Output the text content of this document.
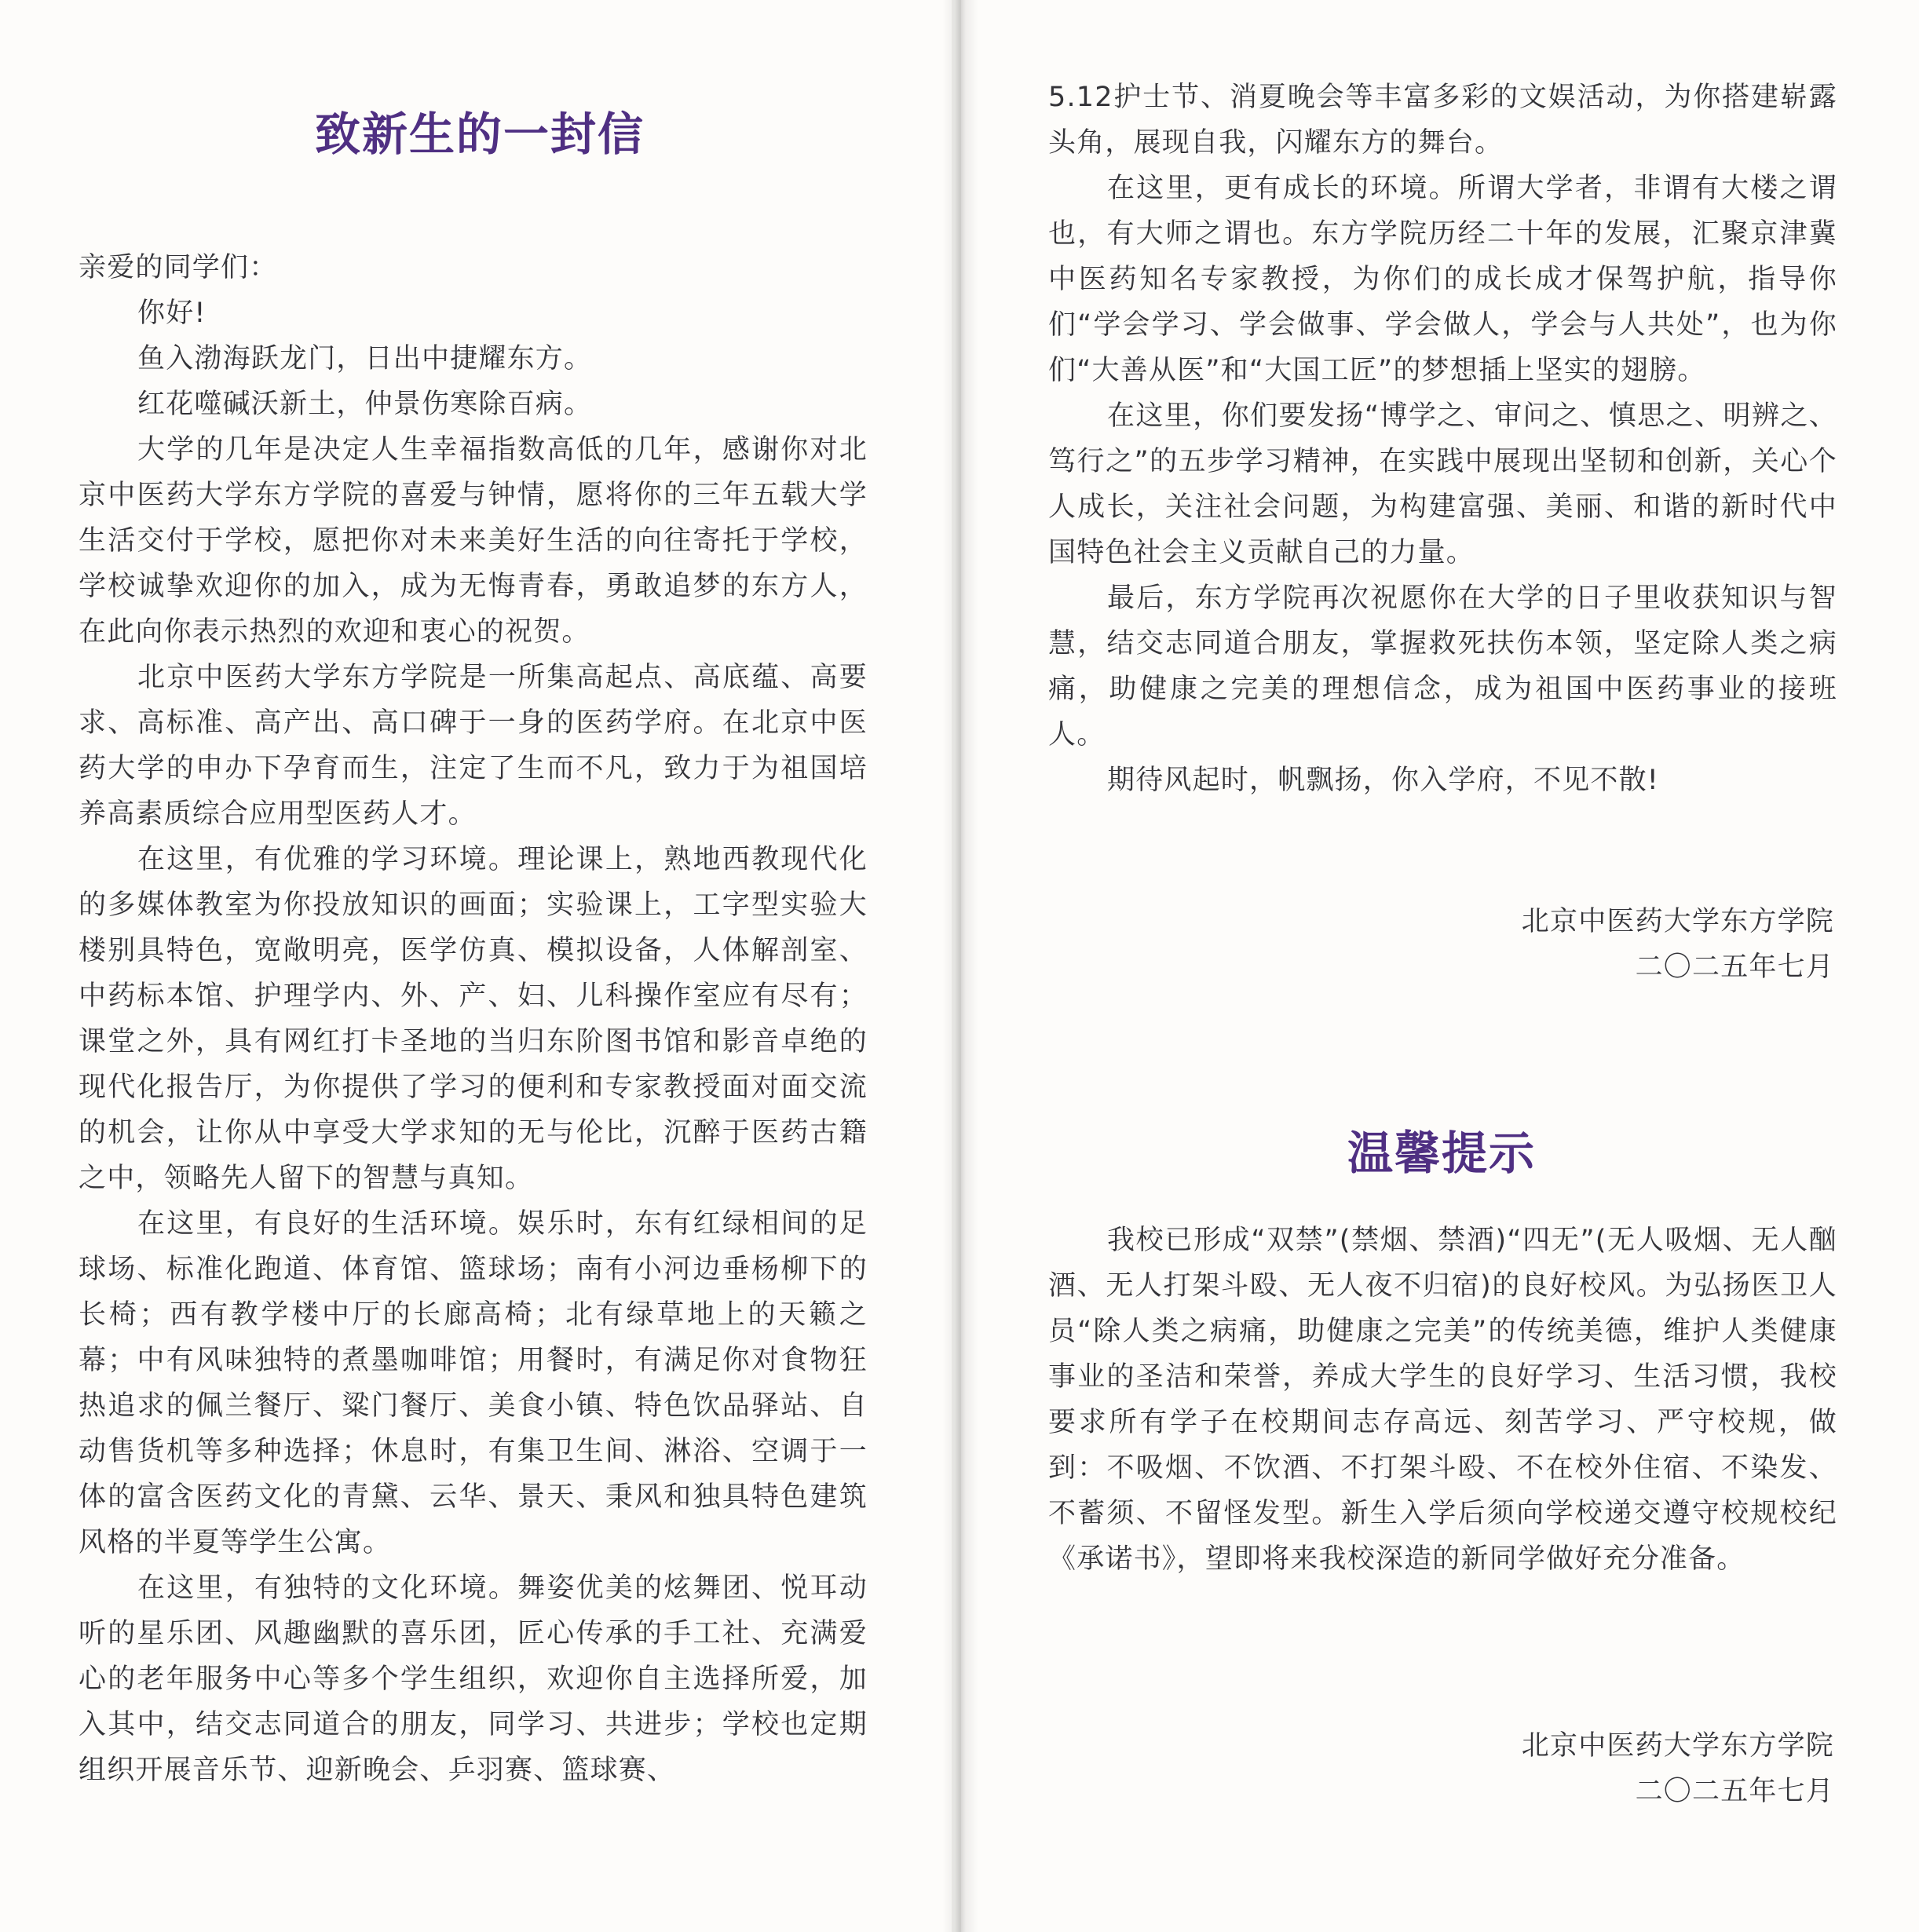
致新生的一封信

亲爱的同学们：

你好!

鱼入渤海跃龙门，日出中捷耀东方。

红花噬碱沃新土，仲景伤寒除百病。

大学的几年是决定人生幸福指数高低的几年，感谢你对北京中医药大学东方学院的喜爱与钟情，愿将你的三年五载大学生活交付于学校，愿把你对未来美好生活的向往寄托于学校，学校诚挚欢迎你的加入，成为无悔青春，勇敢追梦的东方人，在此向你表示热烈的欢迎和衷心的祝贺。

北京中医药大学东方学院是一所集高起点、高底蕴、高要求、高标准、高产出、高口碑于一身的医药学府。在北京中医药大学的申办下孕育而生，注定了生而不凡，致力于为祖国培养高素质综合应用型医药人才。

在这里，有优雅的学习环境。理论课上，熟地西教现代化的多媒体教室为你投放知识的画面；实验课上，工字型实验大楼别具特色，宽敞明亮，医学仿真、模拟设备，人体解剖室、中药标本馆、护理学内、外、产、妇、儿科操作室应有尽有；课堂之外，具有网红打卡圣地的当归东阶图书馆和影音卓绝的现代化报告厅，为你提供了学习的便利和专家教授面对面交流的机会，让你从中享受大学求知的无与伦比，沉醉于医药古籍之中，领略先人留下的智慧与真知。

在这里，有良好的生活环境。娱乐时，东有红绿相间的足球场、标准化跑道、体育馆、篮球场；南有小河边垂杨柳下的长椅；西有教学楼中厅的长廊高椅；北有绿草地上的天籁之幕；中有风味独特的煮墨咖啡馆；用餐时，有满足你对食物狂热追求的佩兰餐厅、粱门餐厅、美食小镇、特色饮品驿站、自动售货机等多种选择；休息时，有集卫生间、淋浴、空调于一体的富含医药文化的青黛、云华、景天、秉风和独具特色建筑风格的半夏等学生公寓。

在这里，有独特的文化环境。舞姿优美的炫舞团、悦耳动听的星乐团、风趣幽默的喜乐团，匠心传承的手工社、充满爱心的老年服务中心等多个学生组织，欢迎你自主选择所爱，加入其中，结交志同道合的朋友，同学习、共进步；学校也定期组织开展音乐节、迎新晚会、乒羽赛、篮球赛、

5.12护士节、消夏晚会等丰富多彩的文娱活动，为你搭建崭露头角，展现自我，闪耀东方的舞台。

在这里，更有成长的环境。所谓大学者，非谓有大楼之谓也，有大师之谓也。东方学院历经二十年的发展，汇聚京津冀中医药知名专家教授，为你们的成长成才保驾护航，指导你们“学会学习、学会做事、学会做人，学会与人共处”，也为你们“大善从医”和“大国工匠”的梦想插上坚实的翅膀。

在这里，你们要发扬“博学之、审问之、慎思之、明辨之、笃行之”的五步学习精神，在实践中展现出坚韧和创新，关心个人成长，关注社会问题，为构建富强、美丽、和谐的新时代中国特色社会主义贡献自己的力量。

最后，东方学院再次祝愿你在大学的日子里收获知识与智慧，结交志同道合朋友，掌握救死扶伤本领，坚定除人类之病痛，助健康之完美的理想信念，成为祖国中医药事业的接班人。

期待风起时，帆飘扬，你入学府，不见不散!

北京中医药大学东方学院
二〇二五年七月
温馨提示

我校已形成“双禁”(禁烟、禁酒)“四无”(无人吸烟、无人酗酒、无人打架斗殴、无人夜不归宿)的良好校风。为弘扬医卫人员“除人类之病痛，助健康之完美”的传统美德，维护人类健康事业的圣洁和荣誉，养成大学生的良好学习、生活习惯，我校要求所有学子在校期间志存高远、刻苦学习、严守校规，做到：不吸烟、不饮酒、不打架斗殴、不在校外住宿、不染发、不蓄须、不留怪发型。新生入学后须向学校递交遵守校规校纪《承诺书》，望即将来我校深造的新同学做好充分准备。

北京中医药大学东方学院
二〇二五年七月
